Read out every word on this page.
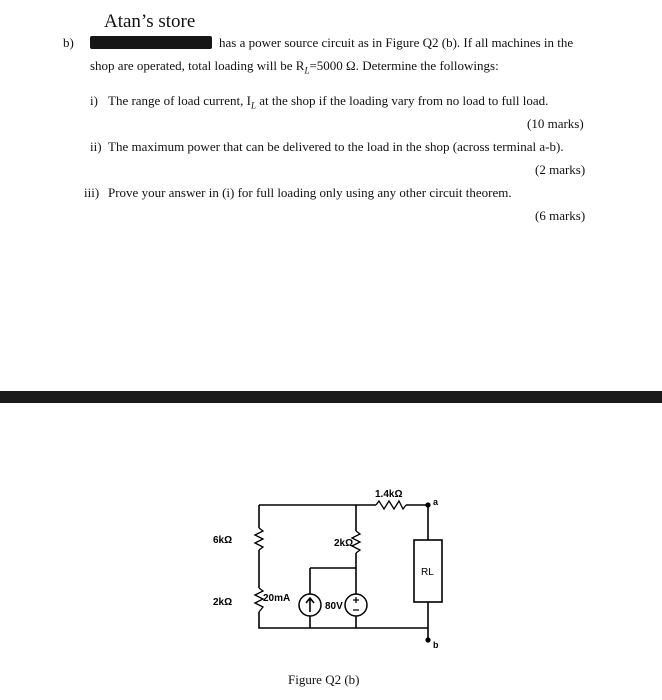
Atan’s store
b)	has a power source circuit as in Figure Q2 (b). If all machines in the
shop are operated, total loading will be $R_L=5000$ Ω. Determine the followings:
i) The range of load current, $I_L$ at the shop if the loading vary from no load to full load.
(10 marks)
ii) The maximum power that can be delivered to the load in the shop (across terminal a-b).
(2 marks)
iii) Prove your answer in (i) for full loading only using any other circuit theorem.
(6 marks)
1.4kΩ
6kΩ
2kΩ
2kΩ
20mA
80V
RL
a
b
Figure Q2 (b)
